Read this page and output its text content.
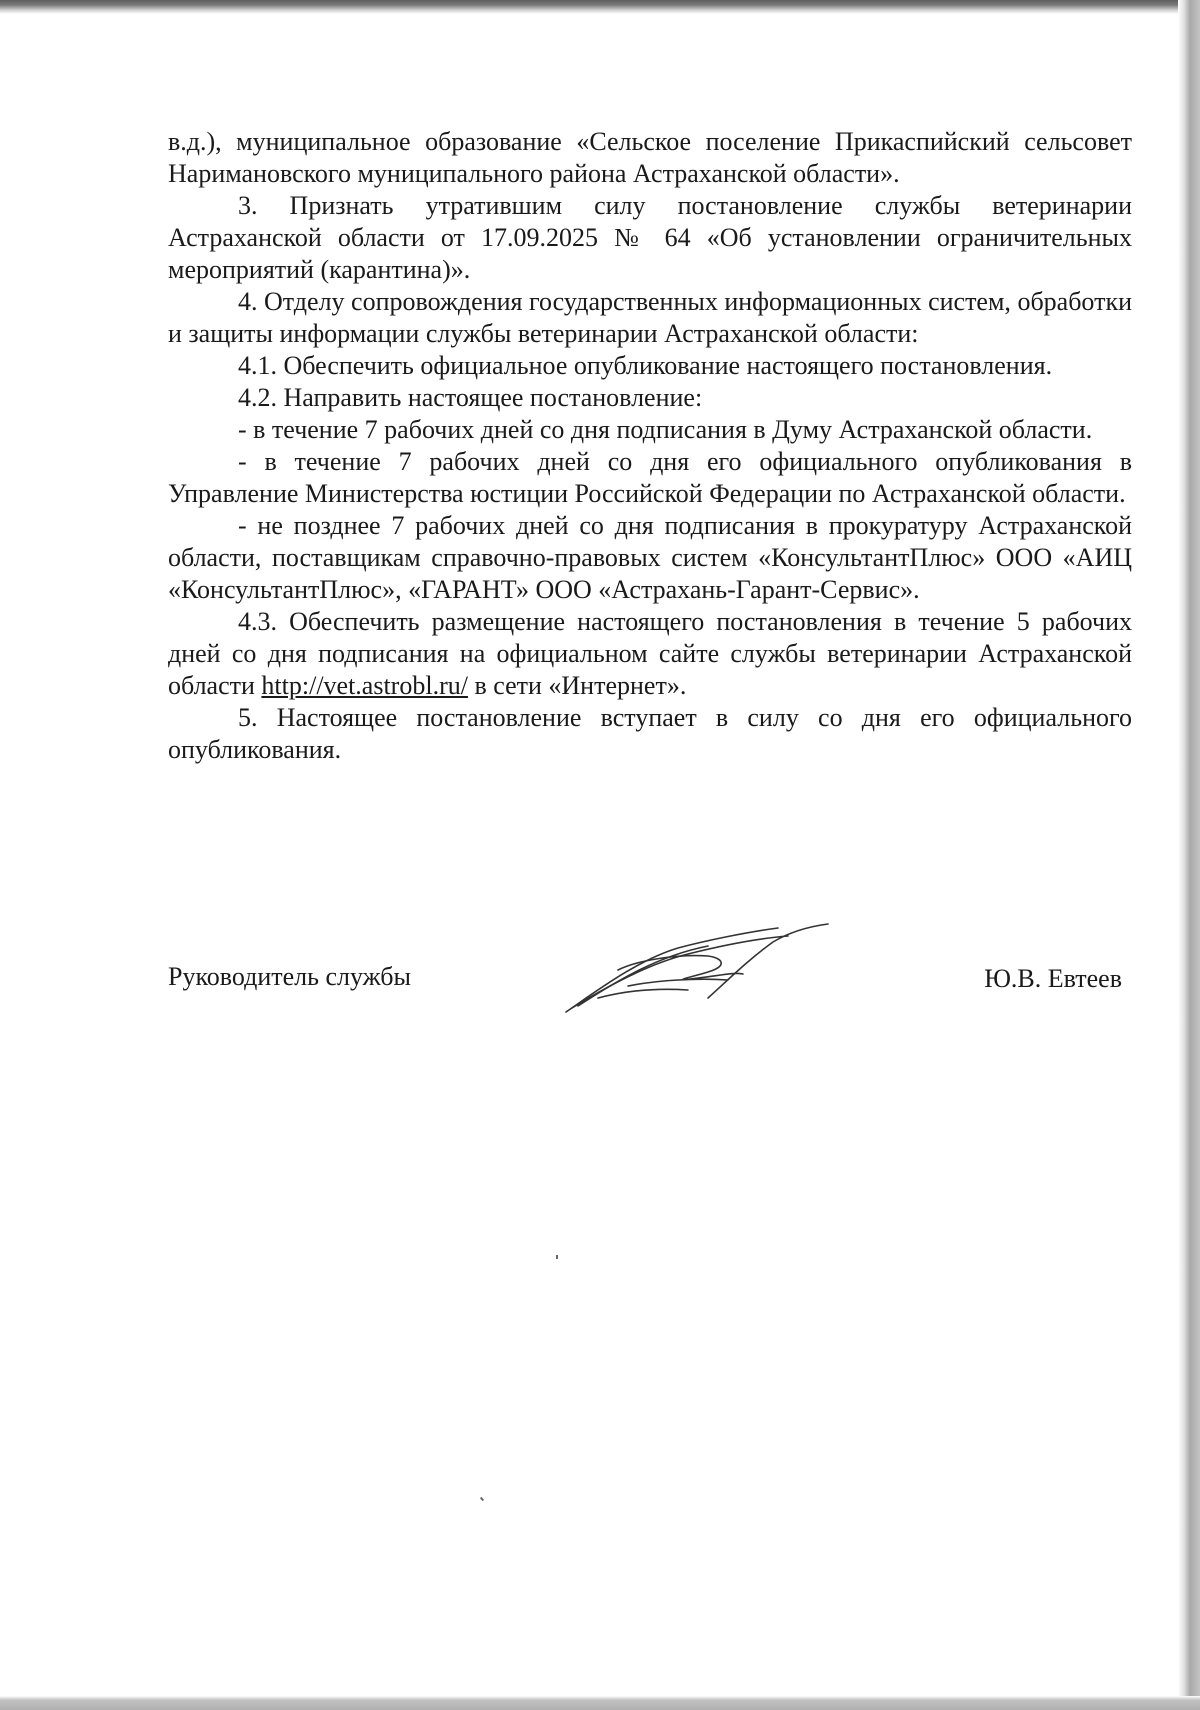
в.д.), муниципальное образование «Сельское поселение Прикаспийский сельсовет Наримановского муниципального района Астраханской области».

3. Признать утратившим силу постановление службы ветеринарии Астраханской области от 17.09.2025 № 64 «Об установлении ограничительных мероприятий (карантина)».

4. Отделу сопровождения государственных информационных систем, обработки и защиты информации службы ветеринарии Астраханской области:

4.1. Обеспечить официальное опубликование настоящего постановления.

4.2. Направить настоящее постановление:

- в течение 7 рабочих дней со дня подписания в Думу Астраханской области.

- в течение 7 рабочих дней со дня его официального опубликования в Управление Министерства юстиции Российской Федерации по Астраханской области.

- не позднее 7 рабочих дней со дня подписания в прокуратуру Астраханской области, поставщикам справочно-правовых систем «КонсультантПлюс» ООО «АИЦ «КонсультантПлюс», «ГАРАНТ» ООО «Астрахань-Гарант-Сервис».

4.3. Обеспечить размещение настоящего постановления в течение 5 рабочих дней со дня подписания на официальном сайте службы ветеринарии Астраханской области http://vet.astrobl.ru/ в сети «Интернет».

5. Настоящее постановление вступает в силу со дня его официального опубликования.

Руководитель службы	Ю.В. Евтеев
